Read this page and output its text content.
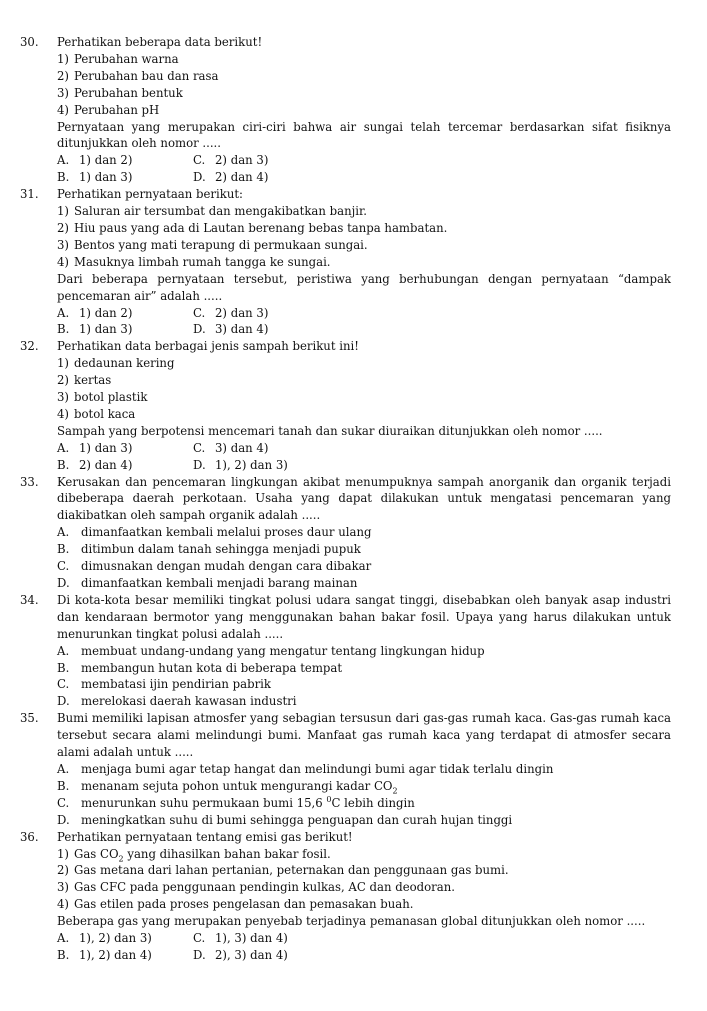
30.	Perhatikan beberapa data berikut!
1) Perubahan warna
2) Perubahan bau dan rasa
3) Perubahan bentuk
4) Perubahan pH
Pernyataan yang merupakan ciri-ciri bahwa air sungai telah tercemar berdasarkan sifat fisiknya ditunjukkan oleh nomor .....
A. 1) dan 2)	C. 2) dan 3)
B. 1) dan 3)	D. 2) dan 4)
31.	Perhatikan pernyataan berikut:
1) Saluran air tersumbat dan mengakibatkan banjir.
2) Hiu paus yang ada di Lautan berenang bebas tanpa hambatan.
3) Bentos yang mati terapung di permukaan sungai.
4) Masuknya limbah rumah tangga ke sungai.
Dari beberapa pernyataan tersebut, peristiwa yang berhubungan dengan pernyataan “dampak pencemaran air” adalah .....
A. 1) dan 2)	C. 2) dan 3)
B. 1) dan 3)	D. 3) dan 4)
32.	Perhatikan data berbagai jenis sampah berikut ini!
1) dedaunan kering
2) kertas
3) botol plastik
4) botol kaca
Sampah yang berpotensi mencemari tanah dan sukar diuraikan ditunjukkan oleh nomor .....
A. 1) dan 3)	C. 3) dan 4)
B. 2) dan 4)	D. 1), 2) dan 3)
33.	Kerusakan dan pencemaran lingkungan akibat menumpuknya sampah anorganik dan organik terjadi dibeberapa daerah perkotaan. Usaha yang dapat dilakukan untuk mengatasi pencemaran yang diakibatkan oleh sampah organik adalah .....
A.	dimanfaatkan kembali melalui proses daur ulang
B. ditimbun dalam tanah sehingga menjadi pupuk
C.	dimusnakan dengan mudah dengan cara dibakar
D. dimanfaatkan kembali menjadi barang mainan
34.	Di kota-kota besar memiliki tingkat polusi udara sangat tinggi, disebabkan oleh banyak asap industri dan kendaraan bermotor yang menggunakan bahan bakar fosil. Upaya yang harus dilakukan untuk menurunkan tingkat polusi adalah .....
A.	membuat undang-undang yang mengatur tentang lingkungan hidup
B. membangun hutan kota di beberapa tempat
C.	membatasi ijin pendirian pabrik
D. merelokasi daerah kawasan industri
35.	Bumi memiliki lapisan atmosfer yang sebagian tersusun dari gas-gas rumah kaca. Gas-gas rumah kaca tersebut secara alami melindungi bumi. Manfaat gas rumah kaca yang terdapat di atmosfer secara alami adalah untuk .....
A.	menjaga bumi agar tetap hangat dan melindungi bumi agar tidak terlalu dingin
B. menanam sejuta pohon untuk mengurangi kadar $CO_2$
C.	menurunkan suhu permukaan bumi 15,6 $^0$C lebih dingin
D. meningkatkan suhu di bumi sehingga penguapan dan curah hujan tinggi
36.	Perhatikan pernyataan tentang emisi gas berikut!
1) Gas $CO_2$ yang dihasilkan bahan bakar fosil.
2) Gas metana dari lahan pertanian, peternakan dan penggunaan gas bumi.
3) Gas CFC pada penggunaan pendingin kulkas, AC dan deodoran.
4) Gas etilen pada proses pengelasan dan pemasakan buah.
Beberapa gas yang merupakan penyebab terjadinya pemanasan global ditunjukkan oleh nomor .....
A. 1), 2) dan 3)	C. 1), 3) dan 4)
B. 1), 2) dan 4)	D. 2), 3) dan 4)
